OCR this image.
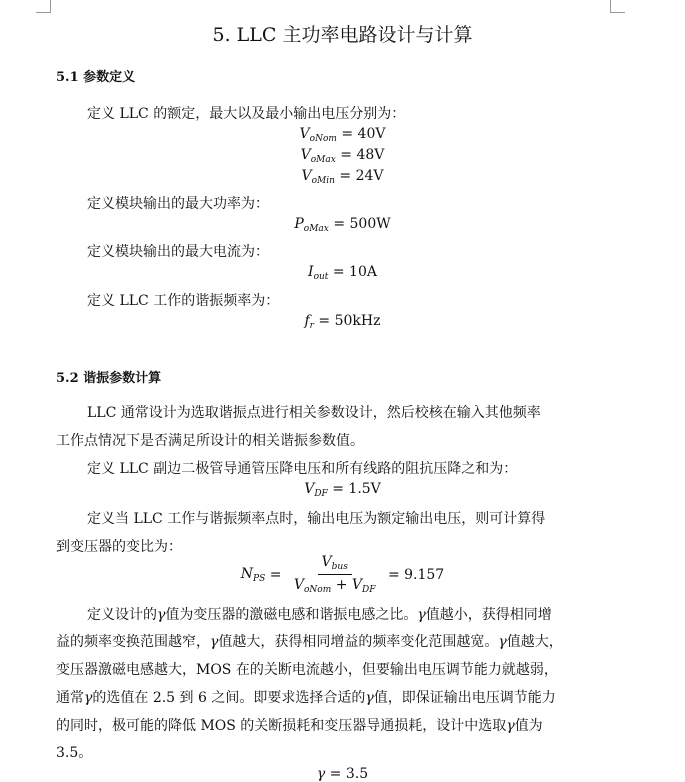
5. LLC 主功率电路设计与计算
5.1 参数定义
定义 LLC 的额定，最大以及最小输出电压分别为：
$V_{oNom} = 40V$
$V_{oMax} = 48V$
$V_{oMin} = 24V$
定义模块输出的最大功率为：
$P_{oMax} = 500W$
定义模块输出的最大电流为：
$I_{out} = 10A$
定义 LLC 工作的谐振频率为：
$f_r = 50kHz$
5.2 谐振参数计算
LLC 通常设计为选取谐振点进行相关参数设计，然后校核在输入其他频率
工作点情况下是否满足所设计的相关谐振参数值。
定义 LLC 副边二极管导通管压降电压和所有线路的阻抗压降之和为：
$V_{DF} = 1.5V$
定义当 LLC 工作与谐振频率点时，输出电压为额定输出电压，则可计算得
到变压器的变比为：
$N_{PS} = \frac{V_{bus}}{V_{oNom} + V_{DF}} = 9.157$
定义设计的γ值为变压器的激磁电感和谐振电感之比。γ值越小，获得相同增
益的频率变换范围越窄，γ值越大，获得相同增益的频率变化范围越宽。γ值越大，
变压器激磁电感越大，MOS 在的关断电流越小，但要输出电压调节能力就越弱，
通常γ的选值在 2.5 到 6 之间。即要求选择合适的γ值，即保证输出电压调节能力
的同时，极可能的降低 MOS 的关断损耗和变压器导通损耗，设计中选取γ值为
3.5。
γ = 3.5
